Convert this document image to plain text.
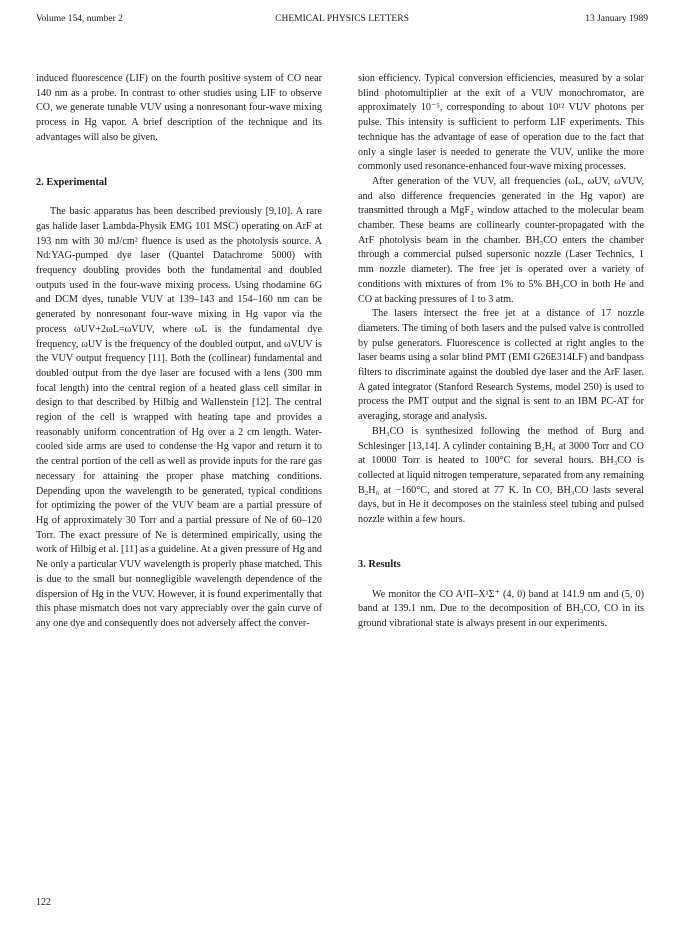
Volume 154, number 2	CHEMICAL PHYSICS LETTERS	13 January 1989

induced fluorescence (LIF) on the fourth positive system of CO near 140 nm as a probe. In contrast to other studies using LIF to observe CO, we generate tunable VUV using a nonresonant four-wave mixing process in Hg vapor. A brief description of the technique and its advantages will also be given.

2. Experimental

The basic apparatus has been described previously [9,10]. A rare gas halide laser Lambda-Physik EMG 101 MSC) operating on ArF at 193 nm with 30 mJ/cm² fluence is used as the photolysis source. A Nd:YAG-pumped dye laser (Quantel Datachrome 5000) with frequency doubling provides both the fundamental and doubled outputs used in the four-wave mixing process. Using rhodamine 6G and DCM dyes, tunable VUV at 139–143 and 154–160 nm can be generated by nonresonant four-wave mixing in Hg vapor via the process ωUV+2ωL=ωVUV, where ωL is the fundamental dye frequency, ωUV is the frequency of the doubled output, and ωVUV is the VUV output frequency [11]. Both the (collinear) fundamental and doubled output from the dye laser are focused with a lens (300 mm focal length) into the central region of a heated glass cell similar in design to that described by Hilbig and Wallenstein [12]. The central region of the cell is wrapped with heating tape and provides a reasonably uniform concentration of Hg over a 2 cm length. Water-cooled side arms are used to condense the Hg vapor and return it to the central portion of the cell as well as provide inputs for the rare gas necessary for attaining the proper phase matching conditions. Depending upon the wavelength to be generated, typical conditions for optimizing the power of the VUV beam are a partial pressure of Hg of approximately 30 Torr and a partial pressure of Ne of 60–120 Torr. The exact pressure of Ne is determined empirically, using the work of Hilbig et al. [11] as a guideline. At a given pressure of Hg and Ne only a particular VUV wavelength is properly phase matched. This is due to the small but nonnegligible wavelength dependence of the dispersion of Hg in the VUV. However, it is found experimentally that this phase mismatch does not vary appreciably over the gain curve of any one dye and consequently does not adversely affect the conver-

sion efficiency. Typical conversion efficiencies, measured by a solar blind photomultiplier at the exit of a VUV monochromator, are approximately 10⁻⁵, corresponding to about 10¹² VUV photons per pulse. This intensity is sufficient to perform LIF experiments. This technique has the advantage of ease of operation due to the fact that only a single laser is needed to generate the VUV, unlike the more commonly used resonance-enhanced four-wave mixing processes.

After generation of the VUV, all frequencies (ωL, ωUV, ωVUV, and also difference frequencies generated in the Hg vapor) are transmitted through a MgF₂ window attached to the molecular beam chamber. These beams are collinearly counter-propagated with the ArF photolysis beam in the chamber. BH₃CO enters the chamber through a commercial pulsed supersonic nozzle (Laser Technics, 1 mm nozzle diameter). The free jet is operated over a variety of conditions with mixtures of from 1% to 5% BH₃CO in both He and CO at backing pressures of 1 to 3 atm.

The lasers intersect the free jet at a distance of 17 nozzle diameters. The timing of both lasers and the pulsed valve is controlled by pulse generators. Fluorescence is collected at right angles to the laser beams using a solar blind PMT (EMI G26E314LF) and bandpass filters to discriminate against the doubled dye laser and the ArF laser. A gated integrator (Stanford Research Systems, model 250) is used to process the PMT output and the signal is sent to an IBM PC-AT for averaging, storage and analysis.

BH₃CO is synthesized following the method of Burg and Schlesinger [13,14]. A cylinder containing B₂H₆ at 3000 Torr and CO at 10000 Torr is heated to 100°C for several hours. BH₃CO is collected at liquid nitrogen temperature, separated from any remaining B₂H₆ at −160°C, and stored at 77 K. In CO, BH₃CO lasts several days, but in He it decomposes on the stainless steel tubing and pulsed nozzle within a few hours.

3. Results

We monitor the CO A¹Π–X¹Σ⁺ (4, 0) band at 141.9 nm and (5, 0) band at 139.1 nm. Due to the decomposition of BH₃CO, CO in its ground vibrational state is always present in our experiments.

122
